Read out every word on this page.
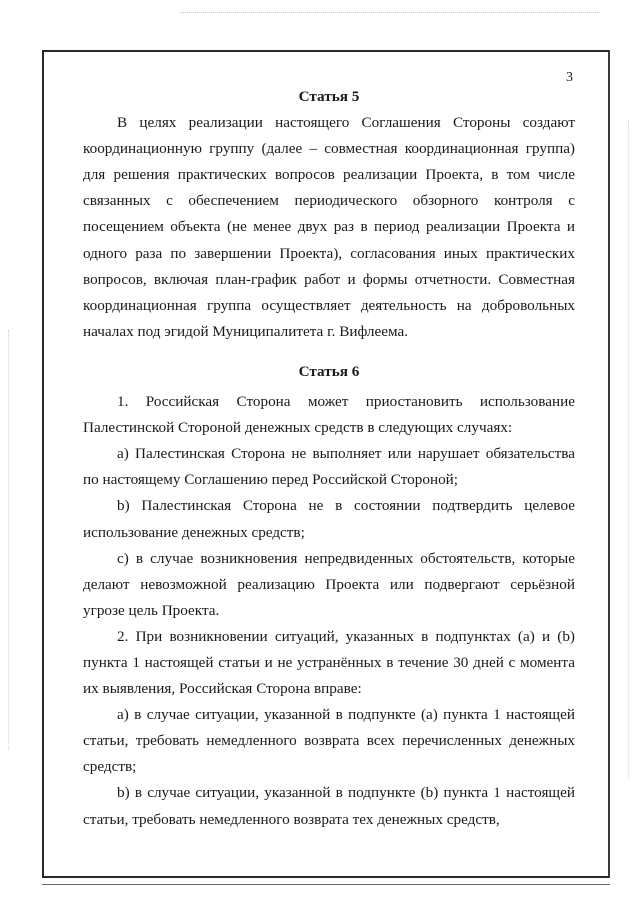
3

Статья 5

В целях реализации настоящего Соглашения Стороны создают координационную группу (далее – совместная координационная группа) для решения практических вопросов реализации Проекта, в том числе связанных с обеспечением периодического обзорного контроля с посещением объекта (не менее двух раз в период реализации Проекта и одного раза по завершении Проекта), согласования иных практических вопросов, включая план-график работ и формы отчетности. Совместная координационная группа осуществляет деятельность на добровольных началах под эгидой Муниципалитета г. Вифлеема.

Статья 6

1. Российская Сторона может приостановить использование Палестинской Стороной денежных средств в следующих случаях:

а) Палестинская Сторона не выполняет или нарушает обязательства по настоящему Соглашению перед Российской Стороной;

b) Палестинская Сторона не в состоянии подтвердить целевое использование денежных средств;

с) в случае возникновения непредвиденных обстоятельств, которые делают невозможной реализацию Проекта или подвергают серьёзной угрозе цель Проекта.

2. При возникновении ситуаций, указанных в подпунктах (а) и (b) пункта 1 настоящей статьи и не устранённых в течение 30 дней с момента их выявления, Российская Сторона вправе:

а) в случае ситуации, указанной в подпункте (а) пункта 1 настоящей статьи, требовать немедленного возврата всех перечисленных денежных средств;

b) в случае ситуации, указанной в подпункте (b) пункта 1 настоящей статьи, требовать немедленного возврата тех денежных средств,
